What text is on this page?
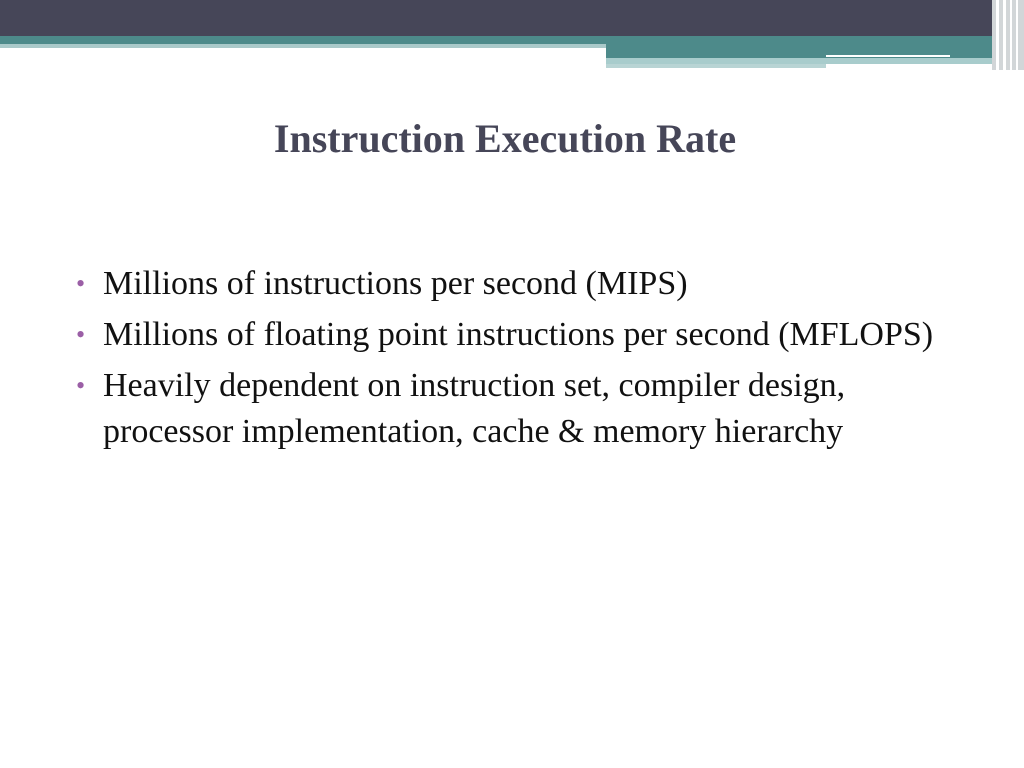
Instruction Execution Rate
• Millions of instructions per second (MIPS)
• Millions of floating point instructions per second (MFLOPS)
• Heavily dependent on instruction set, compiler design, processor implementation, cache & memory hierarchy
